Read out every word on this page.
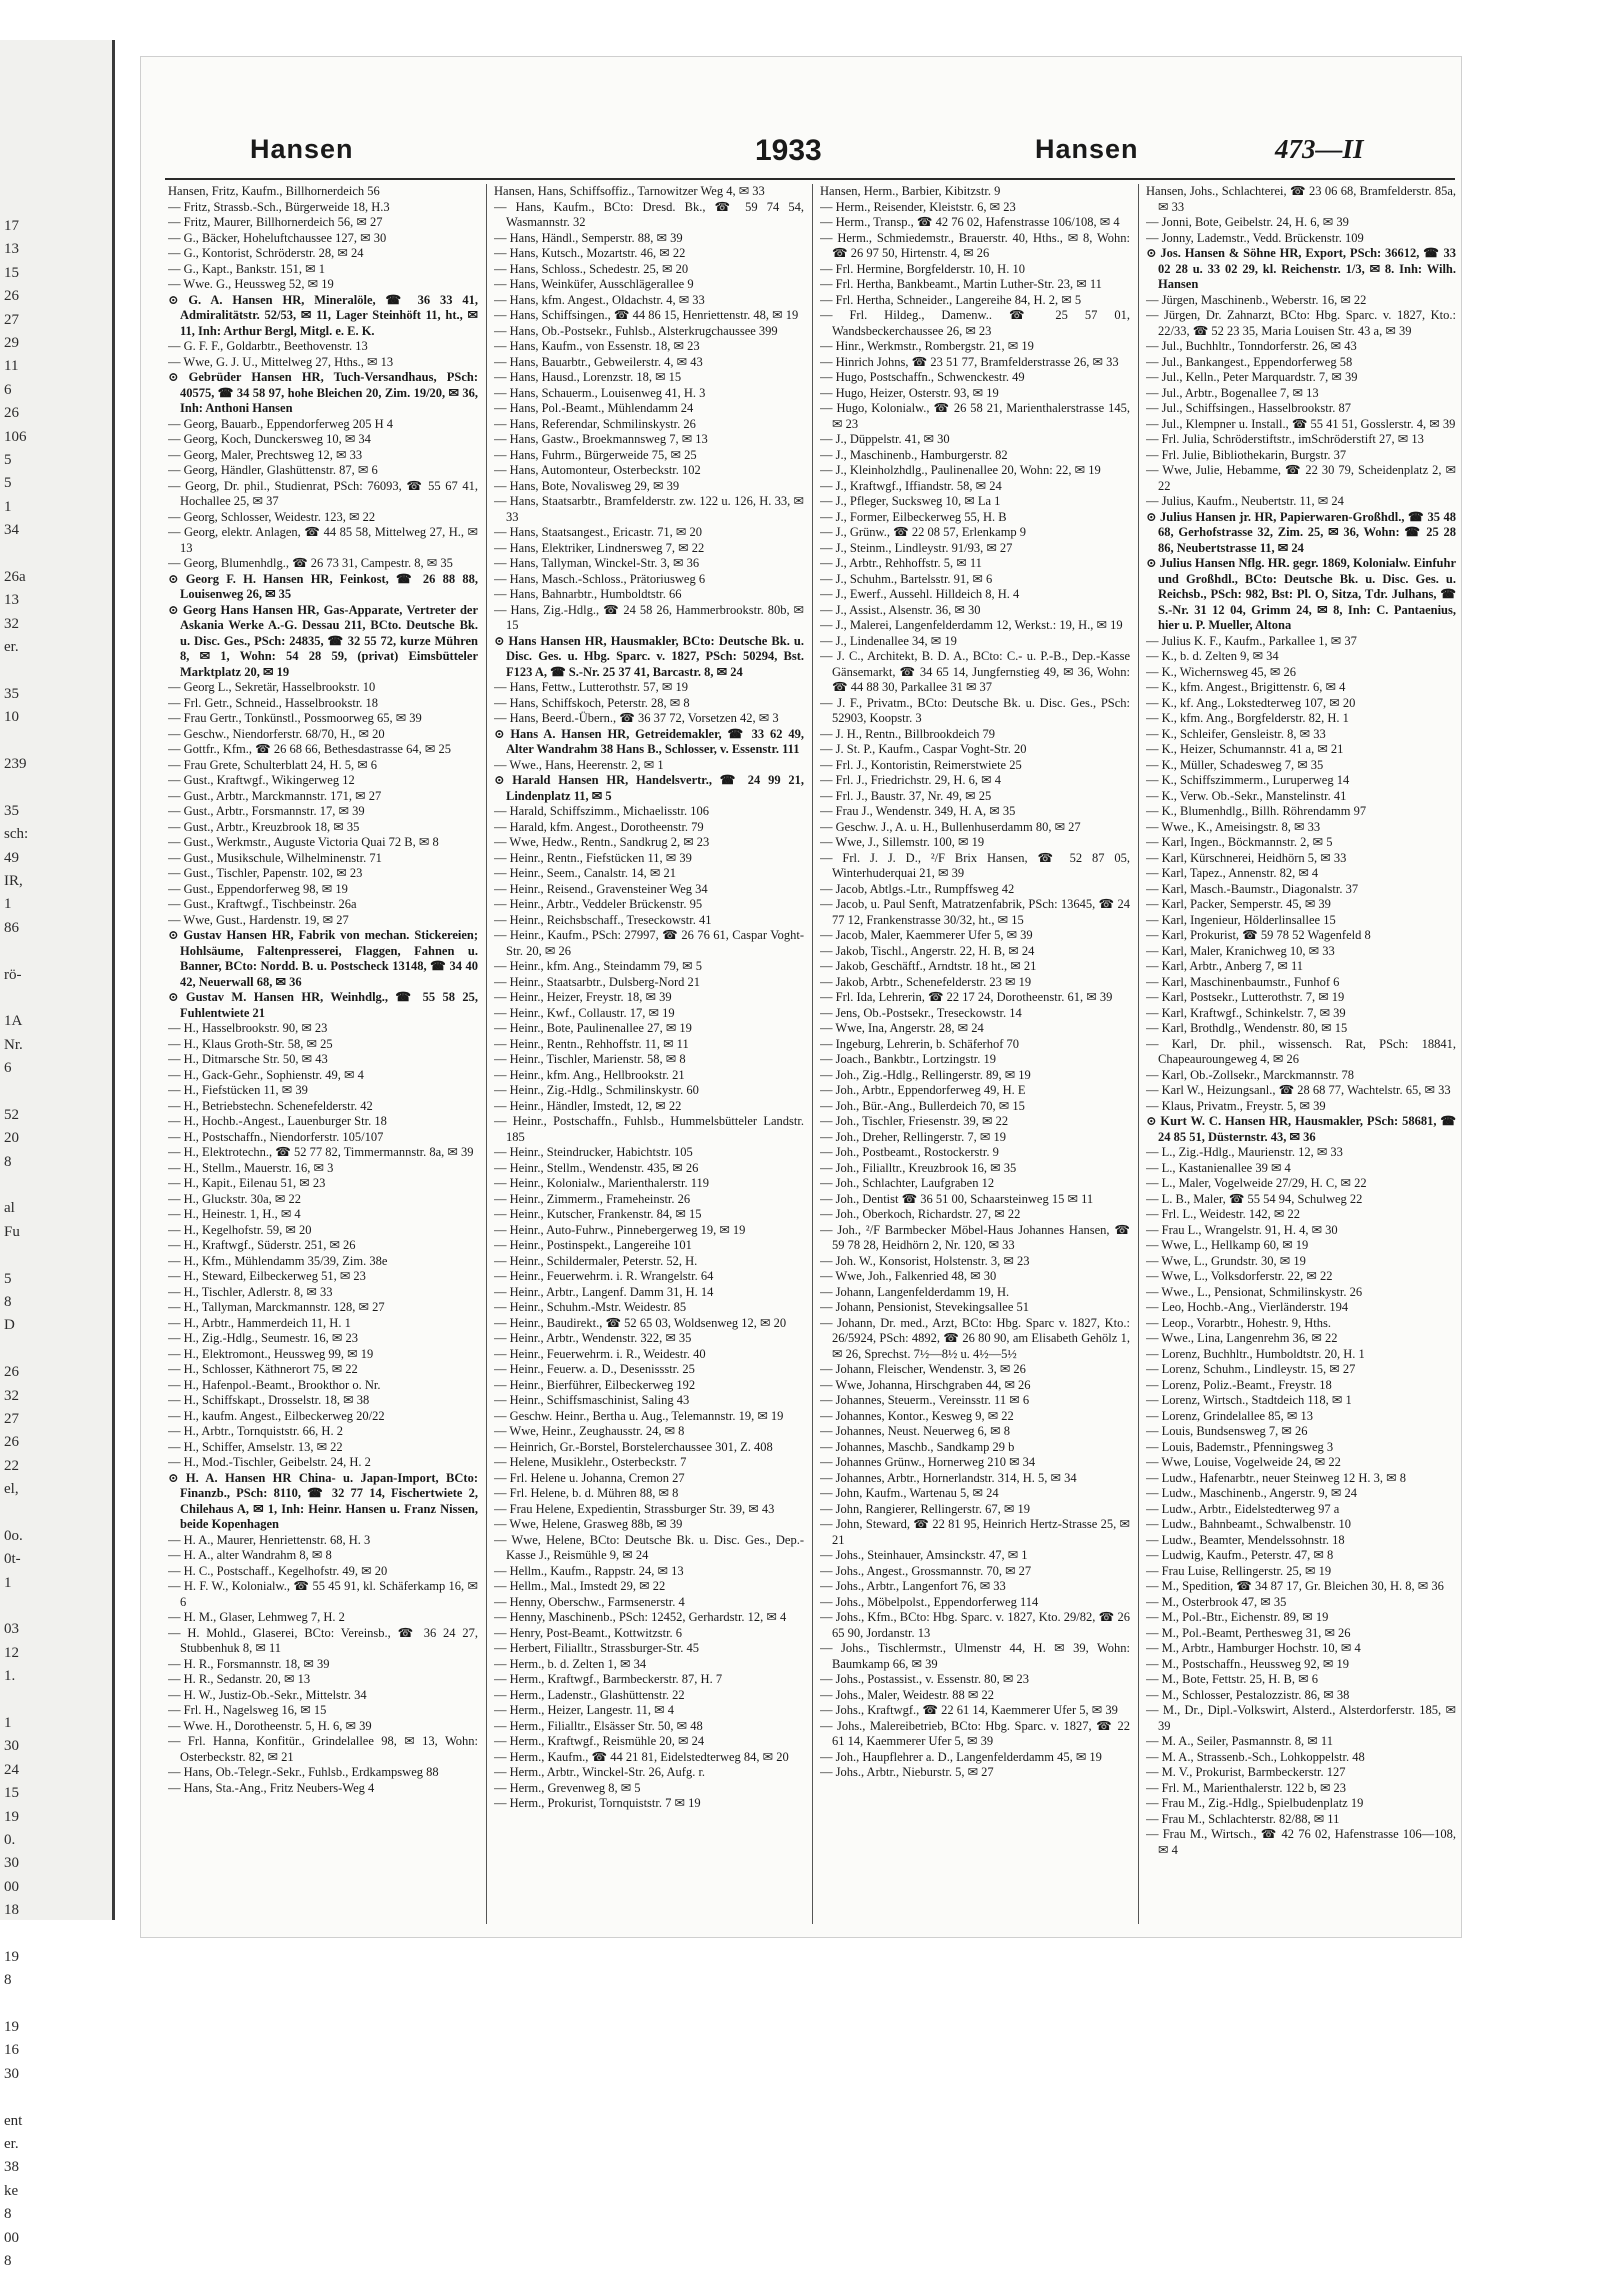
17
13
15
26
27
29
11
6
26
106
5
5
1
34
26a
13
32
er.
35
10
239
35
sch:
49
IR,
1
86
rö-
1A
Nr.
6
52
20
8
al
Fu
5
8
D
26
32
27
26
22
el,
0o.
0t-
1
03
12
1.
1
30
24
15
19
0.
30
00
18
19
8
19
16
30
ent
er.
38
ke
8
00
8
Hansen	1933	Hansen	473—II

Hansen, Fritz, Kaufm., Billhornerdeich 56

— Fritz, Strassb.-Sch., Bürgerweide 18, H.3

— Fritz, Maurer, Billhornerdeich 56, ✉ 27

— G., Bäcker, Hoheluftchaussee 127, ✉ 30

— G., Kontorist, Schröderstr. 28, ✉ 24

— G., Kapt., Bankstr. 151, ✉ 1

— Wwe. G., Heussweg 52, ✉ 19

⊙ G. A. Hansen HR, Mineralöle, ☎ 36 33 41, Admiralitätstr. 52/53, ✉ 11, Lager Steinhöft 11, ht., ✉ 11, Inh: Arthur Bergl, Mitgl. e. E. K.

— G. F. F., Goldarbtr., Beethovenstr. 13

— Wwe, G. J. U., Mittelweg 27, Hths., ✉ 13

⊙ Gebrüder Hansen HR, Tuch-Versandhaus, PSch: 40575, ☎ 34 58 97, hohe Bleichen 20, Zim. 19/20, ✉ 36, Inh: Anthoni Hansen

— Georg, Bauarb., Eppendorferweg 205 H 4

— Georg, Koch, Dunckersweg 10, ✉ 34

— Georg, Maler, Prechtsweg 12, ✉ 33

— Georg, Händler, Glashüttenstr. 87, ✉ 6

— Georg, Dr. phil., Studienrat, PSch: 76093, ☎ 55 67 41, Hochallee 25, ✉ 37

— Georg, Schlosser, Weidestr. 123, ✉ 22

— Georg, elektr. Anlagen, ☎ 44 85 58, Mittelweg 27, H., ✉ 13

— Georg, Blumenhdlg., ☎ 26 73 31, Campestr. 8, ✉ 35

⊙ Georg F. H. Hansen HR, Feinkost, ☎ 26 88 88, Louisenweg 26, ✉ 35

⊙ Georg Hans Hansen HR, Gas-Apparate, Vertreter der Askania Werke A.-G. Dessau 211, BCto. Deutsche Bk. u. Disc. Ges., PSch: 24835, ☎ 32 55 72, kurze Mühren 8, ✉ 1, Wohn: 54 28 59, (privat) Eimsbütteler Marktplatz 20, ✉ 19

— Georg L., Sekretär, Hasselbrookstr. 10

— Frl. Getr., Schneid., Hasselbrookstr. 18

— Frau Gertr., Tonkünstl., Possmoorweg 65, ✉ 39

— Geschw., Niendorferstr. 68/70, H., ✉ 20

— Gottfr., Kfm., ☎ 26 68 66, Bethesdastrasse 64, ✉ 25

— Frau Grete, Schulterblatt 24, H. 5, ✉ 6

— Gust., Kraftwgf., Wikingerweg 12

— Gust., Arbtr., Marckmannstr. 171, ✉ 27

— Gust., Arbtr., Forsmannstr. 17, ✉ 39

— Gust., Arbtr., Kreuzbrook 18, ✉ 35

— Gust., Werkmstr., Auguste Victoria Quai 72 B, ✉ 8

— Gust., Musikschule, Wilhelminenstr. 71

— Gust., Tischler, Papenstr. 102, ✉ 23

— Gust., Eppendorferweg 98, ✉ 19

— Gust., Kraftwgf., Tischbeinstr. 26a

— Wwe, Gust., Hardenstr. 19, ✉ 27

⊙ Gustav Hansen HR, Fabrik von mechan. Stickereien; Hohlsäume, Faltenpresserei, Flaggen, Fahnen u. Banner, BCto: Nordd. B. u. Postscheck 13148, ☎ 34 40 42, Neuerwall 68, ✉ 36

⊙ Gustav M. Hansen HR, Weinhdlg., ☎ 55 58 25, Fuhlentwiete 21

— H., Hasselbrookstr. 90, ✉ 23

— H., Klaus Groth-Str. 58, ✉ 25

— H., Ditmarsche Str. 50, ✉ 43

— H., Gack-Gehr., Sophienstr. 49, ✉ 4

— H., Fiefstücken 11, ✉ 39

— H., Betriebstechn. Schenefelderstr. 42

— H., Hochb.-Angest., Lauenburger Str. 18

— H., Postschaffn., Niendorferstr. 105/107

— H., Elektrotechn., ☎ 52 77 82, Timmermannstr. 8a, ✉ 39

— H., Stellm., Mauerstr. 16, ✉ 3

— H., Kapit., Eilenau 51, ✉ 23

— H., Gluckstr. 30a, ✉ 22

— H., Heinestr. 1, H., ✉ 4

— H., Kegelhofstr. 59, ✉ 20

— H., Kraftwgf., Süderstr. 251, ✉ 26

— H., Kfm., Mühlendamm 35/39, Zim. 38e

— H., Steward, Eilbeckerweg 51, ✉ 23

— H., Tischler, Adlerstr. 8, ✉ 33

— H., Tallyman, Marckmannstr. 128, ✉ 27

— H., Arbtr., Hammerdeich 11, H. 1

— H., Zig.-Hdlg., Seumestr. 16, ✉ 23

— H., Elektromont., Heussweg 99, ✉ 19

— H., Schlosser, Käthnerort 75, ✉ 22

— H., Hafenpol.-Beamt., Brookthor o. Nr.

— H., Schiffskapt., Drosselstr. 18, ✉ 38

— H., kaufm. Angest., Eilbeckerweg 20/22

— H., Arbtr., Tornquiststr. 66, H. 2

— H., Schiffer, Amselstr. 13, ✉ 22

— H., Mod.-Tischler, Geibelstr. 24, H. 2

⊙ H. A. Hansen HR China- u. Japan-Import, BCto: Finanzb., PSch: 8110, ☎ 32 77 14, Fischertwiete 2, Chilehaus A, ✉ 1, Inh: Heinr. Hansen u. Franz Nissen, beide Kopenhagen

— H. A., Maurer, Henriettenstr. 68, H. 3

— H. A., alter Wandrahm 8, ✉ 8

— H. C., Postschaff., Kegelhofstr. 49, ✉ 20

— H. F. W., Kolonialw., ☎ 55 45 91, kl. Schäferkamp 16, ✉ 6

— H. M., Glaser, Lehmweg 7, H. 2

— H. Mohld., Glaserei, BCto: Vereinsb., ☎ 36 24 27, Stubbenhuk 8, ✉ 11

— H. R., Forsmannstr. 18, ✉ 39

— H. R., Sedanstr. 20, ✉ 13

— H. W., Justiz-Ob.-Sekr., Mittelstr. 34

— Frl. H., Nagelsweg 16, ✉ 15

— Wwe. H., Dorotheenstr. 5, H. 6, ✉ 39

— Frl. Hanna, Konfitür., Grindelallee 98, ✉ 13, Wohn: Osterbeckstr. 82, ✉ 21

— Hans, Ob.-Telegr.-Sekr., Fuhlsb., Erdkampsweg 88

— Hans, Sta.-Ang., Fritz Neubers-Weg 4

Hansen, Hans, Schiffsoffiz., Tarnowitzer Weg 4, ✉ 33

— Hans, Kaufm., BCto: Dresd. Bk., ☎ 59 74 54, Wasmannstr. 32

— Hans, Händl., Semperstr. 88, ✉ 39

— Hans, Kutsch., Mozartstr. 46, ✉ 22

— Hans, Schloss., Schedestr. 25, ✉ 20

— Hans, Weinküfer, Ausschlägerallee 9

— Hans, kfm. Angest., Oldachstr. 4, ✉ 33

— Hans, Schiffsingen., ☎ 44 86 15, Henriettenstr. 48, ✉ 19

— Hans, Ob.-Postsekr., Fuhlsb., Alsterkrugchaussee 399

— Hans, Kaufm., von Essenstr. 18, ✉ 23

— Hans, Bauarbtr., Gebweilerstr. 4, ✉ 43

— Hans, Hausd., Lorenzstr. 18, ✉ 15

— Hans, Schauerm., Louisenweg 41, H. 3

— Hans, Pol.-Beamt., Mühlendamm 24

— Hans, Referendar, Schmilinskystr. 26

— Hans, Gastw., Broekmannsweg 7, ✉ 13

— Hans, Fuhrm., Bürgerweide 75, ✉ 25

— Hans, Automonteur, Osterbeckstr. 102

— Hans, Bote, Novalisweg 29, ✉ 39

— Hans, Staatsarbtr., Bramfelderstr. zw. 122 u. 126, H. 33, ✉ 33

— Hans, Staatsangest., Ericastr. 71, ✉ 20

— Hans, Elektriker, Lindnersweg 7, ✉ 22

— Hans, Tallyman, Winckel-Str. 3, ✉ 36

— Hans, Masch.-Schloss., Prätoriusweg 6

— Hans, Bahnarbtr., Humboldtstr. 66

— Hans, Zig.-Hdlg., ☎ 24 58 26, Hammerbrookstr. 80b, ✉ 15

⊙ Hans Hansen HR, Hausmakler, BCto: Deutsche Bk. u. Disc. Ges. u. Hbg. Sparc. v. 1827, PSch: 50294, Bst. F123 A, ☎ S.-Nr. 25 37 41, Barcastr. 8, ✉ 24

— Hans, Fettw., Lutterothstr. 57, ✉ 19

— Hans, Schiffskoch, Peterstr. 28, ✉ 8

— Hans, Beerd.-Übern., ☎ 36 37 72, Vorsetzen 42, ✉ 3

⊙ Hans A. Hansen HR, Getreidemakler, ☎ 33 62 49, Alter Wandrahm 38 Hans B., Schlosser, v. Essenstr. 111

— Wwe., Hans, Heerenstr. 2, ✉ 1

⊙ Harald Hansen HR, Handelsvertr., ☎ 24 99 21, Lindenplatz 11, ✉ 5

— Harald, Schiffszimm., Michaelisstr. 106

— Harald, kfm. Angest., Dorotheenstr. 79

— Wwe, Hedw., Rentn., Sandkrug 2, ✉ 23

— Heinr., Rentn., Fiefstücken 11, ✉ 39

— Heinr., Seem., Canalstr. 14, ✉ 21

— Heinr., Reisend., Gravensteiner Weg 34

— Heinr., Arbtr., Veddeler Brückenstr. 95

— Heinr., Reichsbschaff., Treseckowstr. 41

— Heinr., Kaufm., PSch: 27997, ☎ 26 76 61, Caspar Voght-Str. 20, ✉ 26

— Heinr., kfm. Ang., Steindamm 79, ✉ 5

— Heinr., Staatsarbtr., Dulsberg-Nord 21

— Heinr., Heizer, Freystr. 18, ✉ 39

— Heinr., Kwf., Collaustr. 17, ✉ 19

— Heinr., Bote, Paulinenallee 27, ✉ 19

— Heinr., Rentn., Rehhoffstr. 11, ✉ 11

— Heinr., Tischler, Marienstr. 58, ✉ 8

— Heinr., kfm. Ang., Hellbrookstr. 21

— Heinr., Zig.-Hdlg., Schmilinskystr. 60

— Heinr., Händler, Imstedt, 12, ✉ 22

— Heinr., Postschaffn., Fuhlsb., Hummelsbütteler Landstr. 185

— Heinr., Steindrucker, Habichtstr. 105

— Heinr., Stellm., Wendenstr. 435, ✉ 26

— Heinr., Kolonialw., Marienthalerstr. 119

— Heinr., Zimmerm., Frameheinstr. 26

— Heinr., Kutscher, Frankenstr. 84, ✉ 15

— Heinr., Auto-Fuhrw., Pinnebergerweg 19, ✉ 19

— Heinr., Postinspekt., Langereihe 101

— Heinr., Schildermaler, Peterstr. 52, H.

— Heinr., Feuerwehrm. i. R. Wrangelstr. 64

— Heinr., Arbtr., Langenf. Damm 31, H. 14

— Heinr., Schuhm.-Mstr. Weidestr. 85

— Heinr., Baudirekt., ☎ 52 65 03, Woldsenweg 12, ✉ 20

— Heinr., Arbtr., Wendenstr. 322, ✉ 35

— Heinr., Feuerwehrm. i. R., Weidestr. 40

— Heinr., Feuerw. a. D., Desenissstr. 25

— Heinr., Bierführer, Eilbeckerweg 192

— Heinr., Schiffsmaschinist, Saling 43

— Geschw. Heinr., Bertha u. Aug., Telemannstr. 19, ✉ 19

— Wwe, Heinr., Zeughausstr. 24, ✉ 8

— Heinrich, Gr.-Borstel, Borstelerchaussee 301, Z. 408

— Helene, Musiklehr., Osterbeckstr. 7

— Frl. Helene u. Johanna, Cremon 27

— Frl. Helene, b. d. Mühren 88, ✉ 8

— Frau Helene, Expedientin, Strassburger Str. 39, ✉ 43

— Wwe, Helene, Grasweg 88b, ✉ 39

— Wwe, Helene, BCto: Deutsche Bk. u. Disc. Ges., Dep.-Kasse J., Reismühle 9, ✉ 24

— Hellm., Kaufm., Rappstr. 24, ✉ 13

— Hellm., Mal., Imstedt 29, ✉ 22

— Henny, Oberschw., Farmsenerstr. 4

— Henny, Maschinenb., PSch: 12452, Gerhardstr. 12, ✉ 4

— Henry, Post-Beamt., Kottwitzstr. 6

— Herbert, Filialltr., Strassburger-Str. 45

— Herm., b. d. Zelten 1, ✉ 34

— Herm., Kraftwgf., Barmbeckerstr. 87, H. 7

— Herm., Ladenstr., Glashüttenstr. 22

— Herm., Heizer, Langestr. 11, ✉ 4

— Herm., Filialltr., Elsässer Str. 50, ✉ 48

— Herm., Kraftwgf., Reismühle 20, ✉ 24

— Herm., Kaufm., ☎ 44 21 81, Eidelstedterweg 84, ✉ 20

— Herm., Arbtr., Winckel-Str. 26, Aufg. r.

— Herm., Grevenweg 8, ✉ 5

— Herm., Prokurist, Tornquiststr. 7 ✉ 19

Hansen, Herm., Barbier, Kibitzstr. 9

— Herm., Reisender, Kleiststr. 6, ✉ 23

— Herm., Transp., ☎ 42 76 02, Hafenstrasse 106/108, ✉ 4

— Herm., Schmiedemstr., Brauerstr. 40, Hths., ✉ 8, Wohn: ☎ 26 97 50, Hirtenstr. 4, ✉ 26

— Frl. Hermine, Borgfelderstr. 10, H. 10

— Frl. Hertha, Bankbeamt., Martin Luther-Str. 23, ✉ 11

— Frl. Hertha, Schneider., Langereihe 84, H. 2, ✉ 5

— Frl. Hildeg., Damenw.. ☎ 25 57 01, Wandsbeckerchaussee 26, ✉ 23

— Hinr., Werkmstr., Rombergstr. 21, ✉ 19

— Hinrich Johns, ☎ 23 51 77, Bramfelderstrasse 26, ✉ 33

— Hugo, Postschaffn., Schwenckestr. 49

— Hugo, Heizer, Osterstr. 93, ✉ 19

— Hugo, Kolonialw., ☎ 26 58 21, Marienthalerstrasse 145, ✉ 23

— J., Düppelstr. 41, ✉ 30

— J., Maschinenb., Hamburgerstr. 82

— J., Kleinholzhdlg., Paulinenallee 20, Wohn: 22, ✉ 19

— J., Kraftwgf., Iffiandstr. 58, ✉ 24

— J., Pfleger, Sucksweg 10, ✉ La 1

— J., Former, Eilbeckerweg 55, H. B

— J., Grünw., ☎ 22 08 57, Erlenkamp 9

— J., Steinm., Lindleystr. 91/93, ✉ 27

— J., Arbtr., Rehhoffstr. 5, ✉ 11

— J., Schuhm., Bartelsstr. 91, ✉ 6

— J., Ewerf., Aussehl. Hilldeich 8, H. 4

— J., Assist., Alsenstr. 36, ✉ 30

— J., Malerei, Langenfelderdamm 12, Werkst.: 19, H., ✉ 19

— J., Lindenallee 34, ✉ 19

— J. C., Architekt, B. D. A., BCto: C.- u. P.-B., Dep.-Kasse Gänsemarkt, ☎ 34 65 14, Jungfernstieg 49, ✉ 36, Wohn: ☎ 44 88 30, Parkallee 31 ✉ 37

— J. F., Privatm., BCto: Deutsche Bk. u. Disc. Ges., PSch: 52903, Koopstr. 3

— J. H., Rentn., Billbrookdeich 79

— J. St. P., Kaufm., Caspar Voght-Str. 20

— Frl. J., Kontoristin, Reimerstwiete 25

— Frl. J., Friedrichstr. 29, H. 6, ✉ 4

— Frl. J., Baustr. 37, Nr. 49, ✉ 25

— Frau J., Wendenstr. 349, H. A, ✉ 35

— Geschw. J., A. u. H., Bullenhuserdamm 80, ✉ 27

— Wwe, J., Sillemstr. 100, ✉ 19

— Frl. J. J. D., ²/F Brix Hansen, ☎ 52 87 05, Winterhuderquai 21, ✉ 39

— Jacob, Abtlgs.-Ltr., Rumpffsweg 42

— Jacob, u. Paul Senft, Matratzenfabrik, PSch: 13645, ☎ 24 77 12, Frankenstrasse 30/32, ht., ✉ 15

— Jacob, Maler, Kaemmerer Ufer 5, ✉ 39

— Jakob, Tischl., Angerstr. 22, H. B, ✉ 24

— Jakob, Geschäftf., Arndtstr. 18 ht., ✉ 21

— Jakob, Arbtr., Schenefelderstr. 23 ✉ 19

— Frl. Ida, Lehrerin, ☎ 22 17 24, Dorotheenstr. 61, ✉ 39

— Jens, Ob.-Postsekr., Treseckowstr. 14

— Wwe, Ina, Angerstr. 28, ✉ 24

— Ingeburg, Lehrerin, b. Schäferhof 70

— Joach., Bankbtr., Lortzingstr. 19

— Joh., Zig.-Hdlg., Rellingerstr. 89, ✉ 19

— Joh., Arbtr., Eppendorferweg 49, H. E

— Joh., Bür.-Ang., Bullerdeich 70, ✉ 15

— Joh., Tischler, Friesenstr. 39, ✉ 22

— Joh., Dreher, Rellingerstr. 7, ✉ 19

— Joh., Postbeamt., Rostockerstr. 9

— Joh., Filialltr., Kreuzbrook 16, ✉ 35

— Joh., Schlachter, Laufgraben 12

— Joh., Dentist ☎ 36 51 00, Schaarsteinweg 15 ✉ 11

— Joh., Oberkoch, Richardstr. 27, ✉ 22

— Joh., ²/F Barmbecker Möbel-Haus Johannes Hansen, ☎ 59 78 28, Heidhörn 2, Nr. 120, ✉ 33

— Joh. W., Konsorist, Holstenstr. 3, ✉ 23

— Wwe, Joh., Falkenried 48, ✉ 30

— Johann, Langenfelderdamm 19, H.

— Johann, Pensionist, Stevekingsallee 51

— Johann, Dr. med., Arzt, BCto: Hbg. Sparc v. 1827, Kto.: 26/5924, PSch: 4892, ☎ 26 80 90, am Elisabeth Gehölz 1, ✉ 26, Sprechst. 7½—8½ u. 4½—5½

— Johann, Fleischer, Wendenstr. 3, ✉ 26

— Wwe, Johanna, Hirschgraben 44, ✉ 26

— Johannes, Steuerm., Vereinsstr. 11 ✉ 6

— Johannes, Kontor., Kesweg 9, ✉ 22

— Johannes, Neust. Neuerweg 6, ✉ 8

— Johannes, Maschb., Sandkamp 29 b

— Johannes Grünw., Hornerweg 210 ✉ 34

— Johannes, Arbtr., Hornerlandstr. 314, H. 5, ✉ 34

— John, Kaufm., Wartenau 5, ✉ 24

— John, Rangierer, Rellingerstr. 67, ✉ 19

— John, Steward, ☎ 22 81 95, Heinrich Hertz-Strasse 25, ✉ 21

— Johs., Steinhauer, Amsinckstr. 47, ✉ 1

— Johs., Angest., Grossmannstr. 70, ✉ 27

— Johs., Arbtr., Langenfort 76, ✉ 33

— Johs., Möbelpolst., Eppendorferweg 114

— Johs., Kfm., BCto: Hbg. Sparc. v. 1827, Kto. 29/82, ☎ 26 65 90, Jordanstr. 13

— Johs., Tischlermstr., Ulmenstr 44, H. ✉ 39, Wohn: Baumkamp 66, ✉ 39

— Johs., Postassist., v. Essenstr. 80, ✉ 23

— Johs., Maler, Weidestr. 88 ✉ 22

— Johs., Kraftwgf., ☎ 22 61 14, Kaemmerer Ufer 5, ✉ 39

— Johs., Malereibetrieb, BCto: Hbg. Sparc. v. 1827, ☎ 22 61 14, Kaemmerer Ufer 5, ✉ 39

— Joh., Haupflehrer a. D., Langenfelderdamm 45, ✉ 19

— Johs., Arbtr., Nieburstr. 5, ✉ 27

Hansen, Johs., Schlachterei, ☎ 23 06 68, Bramfelderstr. 85a, ✉ 33

— Jonni, Bote, Geibelstr. 24, H. 6, ✉ 39

— Jonny, Lademstr., Vedd. Brückenstr. 109

⊙ Jos. Hansen & Söhne HR, Export, PSch: 36612, ☎ 33 02 28 u. 33 02 29, kl. Reichenstr. 1/3, ✉ 8. Inh: Wilh. Hansen

— Jürgen, Maschinenb., Weberstr. 16, ✉ 22

— Jürgen, Dr. Zahnarzt, BCto: Hbg. Sparc. v. 1827, Kto.: 22/33, ☎ 52 23 35, Maria Louisen Str. 43 a, ✉ 39

— Jul., Buchhltr., Tonndorferstr. 26, ✉ 43

— Jul., Bankangest., Eppendorferweg 58

— Jul., Kelln., Peter Marquardstr. 7, ✉ 39

— Jul., Arbtr., Bogenallee 7, ✉ 13

— Jul., Schiffsingen., Hasselbrookstr. 87

— Jul., Klempner u. Install., ☎ 55 41 51, Gosslerstr. 4, ✉ 39

— Frl. Julia, Schröderstiftstr., imSchröderstift 27, ✉ 13

— Frl. Julie, Bibliothekarin, Burgstr. 37

— Wwe, Julie, Hebamme, ☎ 22 30 79, Scheidenplatz 2, ✉ 22

— Julius, Kaufm., Neubertstr. 11, ✉ 24

⊙ Julius Hansen jr. HR, Papierwaren-Großhdl., ☎ 35 48 68, Gerhofstrasse 32, Zim. 25, ✉ 36, Wohn: ☎ 25 28 86, Neubertstrasse 11, ✉ 24

⊙ Julius Hansen Nflg. HR. gegr. 1869, Kolonialw. Einfuhr und Großhdl., BCto: Deutsche Bk. u. Disc. Ges. u. Reichsb., PSch: 982, Bst: Pl. O, Sitza, Tdr. Julhans, ☎ S.-Nr. 31 12 04, Grimm 24, ✉ 8, Inh: C. Pantaenius, hier u. P. Mueller, Altona

— Julius K. F., Kaufm., Parkallee 1, ✉ 37

— K., b. d. Zelten 9, ✉ 34

— K., Wichernsweg 45, ✉ 26

— K., kfm. Angest., Brigittenstr. 6, ✉ 4

— K., kf. Ang., Lokstedterweg 107, ✉ 20

— K., kfm. Ang., Borgfelderstr. 82, H. 1

— K., Schleifer, Gensleistr. 8, ✉ 33

— K., Heizer, Schumannstr. 41 a, ✉ 21

— K., Müller, Schadesweg 7, ✉ 35

— K., Schiffszimmerm., Luruperweg 14

— K., Verw. Ob.-Sekr., Manstelinstr. 41

— K., Blumenhdlg., Billh. Röhrendamm 97

— Wwe., K., Ameisingstr. 8, ✉ 33

— Karl, Ingen., Böckmannstr. 2, ✉ 5

— Karl, Kürschnerei, Heidhörn 5, ✉ 33

— Karl, Tapez., Annenstr. 82, ✉ 4

— Karl, Masch.-Baumstr., Diagonalstr. 37

— Karl, Packer, Semperstr. 45, ✉ 39

— Karl, Ingenieur, Hölderlinsallee 15

— Karl, Prokurist, ☎ 59 78 52 Wagenfeld 8

— Karl, Maler, Kranichweg 10, ✉ 33

— Karl, Arbtr., Anberg 7, ✉ 11

— Karl, Maschinenbaumstr., Funhof 6

— Karl, Postsekr., Lutterothstr. 7, ✉ 19

— Karl, Kraftwgf., Schinkelstr. 7, ✉ 39

— Karl, Brothdlg., Wendenstr. 80, ✉ 15

— Karl, Dr. phil., wissensch. Rat, PSch: 18841, Chapeauroungeweg 4, ✉ 26

— Karl, Ob.-Zollsekr., Marckmannstr. 78

— Karl W., Heizungsanl., ☎ 28 68 77, Wachtelstr. 65, ✉ 33

— Klaus, Privatm., Freystr. 5, ✉ 39

⊙ Kurt W. C. Hansen HR, Hausmakler, PSch: 58681, ☎ 24 85 51, Düsternstr. 43, ✉ 36

— L., Zig.-Hdlg., Maurienstr. 12, ✉ 33

— L., Kastanienallee 39 ✉ 4

— L., Maler, Vogelweide 27/29, H. C, ✉ 22

— L. B., Maler, ☎ 55 54 94, Schulweg 22

— Frl. L., Weidestr. 142, ✉ 22

— Frau L., Wrangelstr. 91, H. 4, ✉ 30

— Wwe, L., Hellkamp 60, ✉ 19

— Wwe, L., Grundstr. 30, ✉ 19

— Wwe, L., Volksdorferstr. 22, ✉ 22

— Wwe., L., Pensionat, Schmilinskystr. 26

— Leo, Hochb.-Ang., Vierländerstr. 194

— Leop., Vorarbtr., Hohestr. 9, Hths.

— Wwe., Lina, Langenrehm 36, ✉ 22

— Lorenz, Buchhltr., Humboldtstr. 20, H. 1

— Lorenz, Schuhm., Lindleystr. 15, ✉ 27

— Lorenz, Poliz.-Beamt., Freystr. 18

— Lorenz, Wirtsch., Stadtdeich 118, ✉ 1

— Lorenz, Grindelallee 85, ✉ 13

— Louis, Bundsensweg 7, ✉ 26

— Louis, Bademstr., Pfenningsweg 3

— Wwe, Louise, Vogelweide 24, ✉ 22

— Ludw., Hafenarbtr., neuer Steinweg 12 H. 3, ✉ 8

— Ludw., Maschinenb., Angerstr. 9, ✉ 24

— Ludw., Arbtr., Eidelstedterweg 97 a

— Ludw., Bahnbeamt., Schwalbenstr. 10

— Ludw., Beamter, Mendelssohnstr. 18

— Ludwig, Kaufm., Peterstr. 47, ✉ 8

— Frau Luise, Rellingerstr. 25, ✉ 19

— M., Spedition, ☎ 34 87 17, Gr. Bleichen 30, H. 8, ✉ 36

— M., Osterbrook 47, ✉ 35

— M., Pol.-Btr., Eichenstr. 89, ✉ 19

— M., Pol.-Beamt, Perthesweg 31, ✉ 26

— M., Arbtr., Hamburger Hochstr. 10, ✉ 4

— M., Postschaffn., Heussweg 92, ✉ 19

— M., Bote, Fettstr. 25, H. B, ✉ 6

— M., Schlosser, Pestalozzistr. 86, ✉ 38

— M., Dr., Dipl.-Volkswirt, Alsterd., Alsterdorferstr. 185, ✉ 39

— M. A., Seiler, Pasmannstr. 8, ✉ 11

— M. A., Strassenb.-Sch., Lohkoppelstr. 48

— M. V., Prokurist, Barmbeckerstr. 127

— Frl. M., Marienthalerstr. 122 b, ✉ 23

— Frau M., Zig.-Hdlg., Spielbudenplatz 19

— Frau M., Schlachterstr. 82/88, ✉ 11

— Frau M., Wirtsch., ☎ 42 76 02, Hafenstrasse 106—108, ✉ 4
